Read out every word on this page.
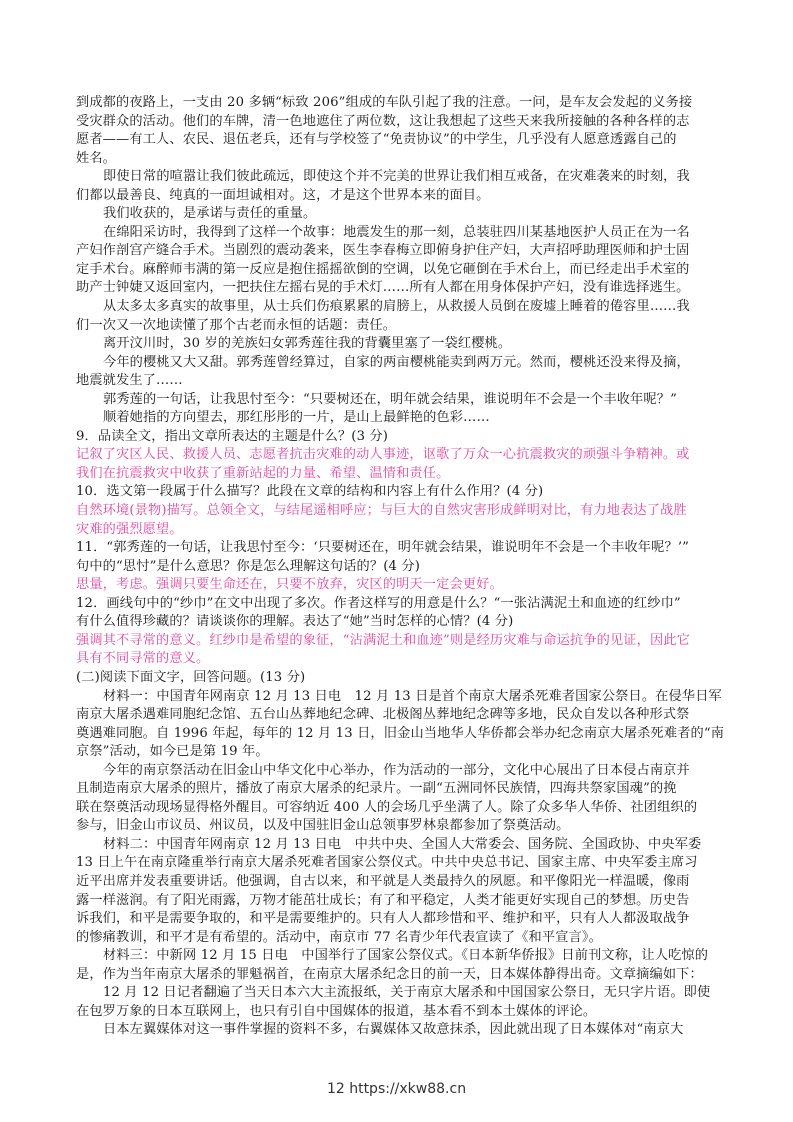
到成都的夜路上，一支由 20 多辆“标致 206”组成的车队引起了我的注意。一问，是车友会发起的义务接
受灾群众的活动。他们的车牌，清一色地遮住了两位数，这让我想起了这些天来我所接触的各种各样的志
愿者——有工人、农民、退伍老兵，还有与学校签了“免责协议”的中学生，几乎没有人愿意透露自己的
姓名。
即使日常的喧嚣让我们彼此疏远，即使这个并不完美的世界让我们相互戒备，在灾难袭来的时刻，我
们都以最善良、纯真的一面坦诚相对。这，才是这个世界本来的面目。
我们收获的，是承诺与责任的重量。
在绵阳采访时，我得到了这样一个故事：地震发生的那一刻，总装驻四川某基地医护人员正在为一名
产妇作剖宫产缝合手术。当剧烈的震动袭来，医生李春梅立即俯身护住产妇，大声招呼助理医师和护士固
定手术台。麻醉师韦满的第一反应是抱住摇摇欲倒的空调，以免它砸倒在手术台上，而已经走出手术室的
助产士钟婕又返回室内，一把扶住左摇右晃的手术灯……所有人都在用身体保护产妇，没有谁选择逃生。
从太多太多真实的故事里，从士兵们伤痕累累的肩膀上，从救援人员倒在废墟上睡着的倦容里……我
们一次又一次地读懂了那个古老而永恒的话题：责任。
离开汶川时，30 岁的羌族妇女郭秀莲往我的背囊里塞了一袋红樱桃。
今年的樱桃又大又甜。郭秀莲曾经算过，自家的两亩樱桃能卖到两万元。然而，樱桃还没来得及摘，
地震就发生了……
郭秀莲的一句话，让我思忖至今：“只要树还在，明年就会结果，谁说明年不会是一个丰收年呢？”
顺着她指的方向望去，那红彤彤的一片，是山上最鲜艳的色彩……
9．品读全文，指出文章所表达的主题是什么？(3 分)
记叙了灾区人民、救援人员、志愿者抗击灾难的动人事迹，讴歌了万众一心抗震救灾的顽强斗争精神。或
我们在抗震救灾中收获了重新站起的力量、希望、温情和责任。
10．选文第一段属于什么描写？此段在文章的结构和内容上有什么作用？(4 分)
自然环境(景物)描写。总领全文，与结尾遥相呼应；与巨大的自然灾害形成鲜明对比，有力地表达了战胜
灾难的强烈愿望。
11．“郭秀莲的一句话，让我思忖至今：‘只要树还在，明年就会结果，谁说明年不会是一个丰收年呢？’”
句中的“思忖”是什么意思？你是怎么理解这句话的？(4 分)
思量，考虑。强调只要生命还在，只要不放弃，灾区的明天一定会更好。
12．画线句中的“纱巾”在文中出现了多次。作者这样写的用意是什么？“一张沾满泥土和血迹的红纱巾”
有什么值得珍藏的？请谈谈你的理解。表达了“她”当时怎样的心情？(4 分)
强调其不寻常的意义。红纱巾是希望的象征，“沾满泥土和血迹”则是经历灾难与命运抗争的见证，因此它
具有不同寻常的意义。
(二)阅读下面文字，回答问题。(13 分)
材料一：中国青年网南京 12 月 13 日电　12 月 13 日是首个南京大屠杀死难者国家公祭日。在侵华日军
南京大屠杀遇难同胞纪念馆、五台山丛葬地纪念碑、北极阁丛葬地纪念碑等多地，民众自发以各种形式祭
奠遇难同胞。自 1996 年起，每年的 12 月 13 日，旧金山当地华人华侨都会举办纪念南京大屠杀死难者的“南
京祭”活动，如今已是第 19 年。
今年的南京祭活动在旧金山中华文化中心举办，作为活动的一部分，文化中心展出了日本侵占南京并
且制造南京大屠杀的照片，播放了南京大屠杀的纪录片。一副“五洲同怀民族情，四海共祭家国魂”的挽
联在祭奠活动现场显得格外醒目。可容纳近 400 人的会场几乎坐满了人。除了众多华人华侨、社团组织的
参与，旧金山市议员、州议员，以及中国驻旧金山总领事罗林泉都参加了祭奠活动。
材料二：中国青年网南京 12 月 13 日电　中共中央、全国人大常委会、国务院、全国政协、中央军委
13 日上午在南京隆重举行南京大屠杀死难者国家公祭仪式。中共中央总书记、国家主席、中央军委主席习
近平出席并发表重要讲话。他强调，自古以来，和平就是人类最持久的夙愿。和平像阳光一样温暖，像雨
露一样滋润。有了阳光雨露，万物才能茁壮成长；有了和平稳定，人类才能更好实现自己的梦想。历史告
诉我们，和平是需要争取的，和平是需要维护的。只有人人都珍惜和平、维护和平，只有人人都汲取战争
的惨痛教训，和平才是有希望的。活动中，南京市 77 名青少年代表宣读了《和平宣言》。
材料三：中新网 12 月 15 日电　中国举行了国家公祭仪式。《日本新华侨报》日前刊文称，让人吃惊的
是，作为当年南京大屠杀的罪魁祸首，在南京大屠杀纪念日的前一天，日本媒体静得出奇。文章摘编如下：
12 月 12 日记者翻遍了当天日本六大主流报纸，关于南京大屠杀和中国国家公祭日，无只字片语。即使
在包罗万象的日本互联网上，也只有引自中国媒体的报道，基本看不到本土媒体的评论。
日本左翼媒体对这一事件掌握的资料不多，右翼媒体又故意抹杀，因此就出现了日本媒体对“南京大
12 https://xkw88.cn
